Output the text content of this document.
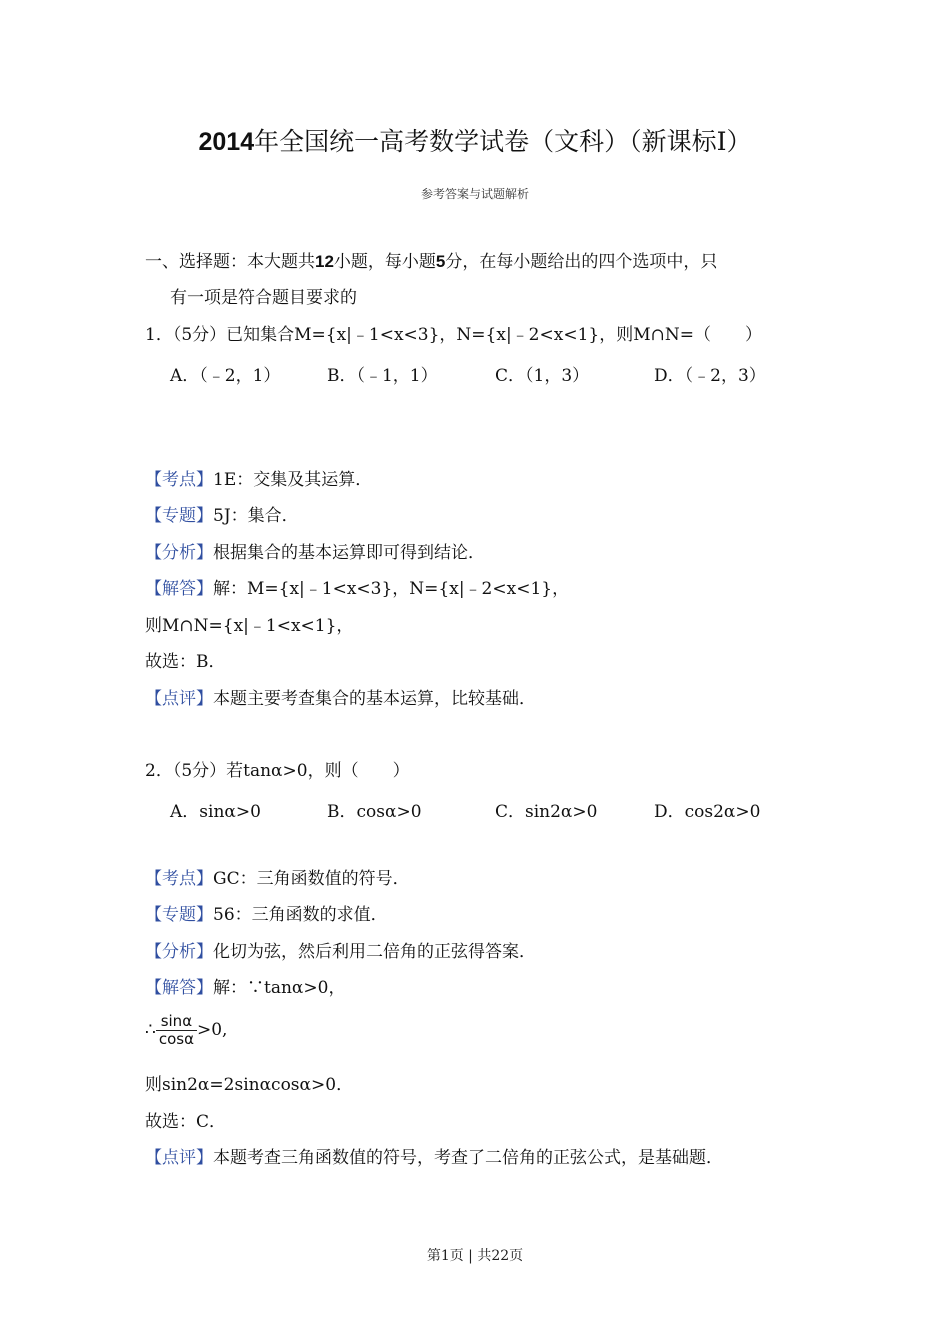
2014年全国统一高考数学试卷（文科）（新课标Ⅰ）
参考答案与试题解析
一、选择题：本大题共12小题，每小题5分，在每小题给出的四个选项中，只
有一项是符合题目要求的
1．（5分）已知集合M={x|﹣1<x<3}，N={x|﹣2<x<1}，则M∩N=（　　）
A．（﹣2，1）	B．（﹣1，1）	C．（1，3）	D．（﹣2，3）
【考点】1E：交集及其运算．
【专题】5J：集合．
【分析】根据集合的基本运算即可得到结论．
【解答】解：M={x|﹣1<x<3}，N={x|﹣2<x<1}，
则M∩N={x|﹣1<x<1}，
故选：B．
【点评】本题主要考查集合的基本运算，比较基础．
2．（5分）若tanα>0，则（　　）
A．sinα>0	B．cosα>0	C．sin2α>0	D．cos2α>0
【考点】GC：三角函数值的符号．
【专题】56：三角函数的求值．
【分析】化切为弦，然后利用二倍角的正弦得答案．
【解答】解：∵tanα>0，
∴ $\frac{\sin\alpha}{\cos\alpha} >0$,
则sin2α=2sinαcosα>0．
故选：C．
【点评】本题考查三角函数值的符号，考查了二倍角的正弦公式，是基础题．
第1页 | 共22页
